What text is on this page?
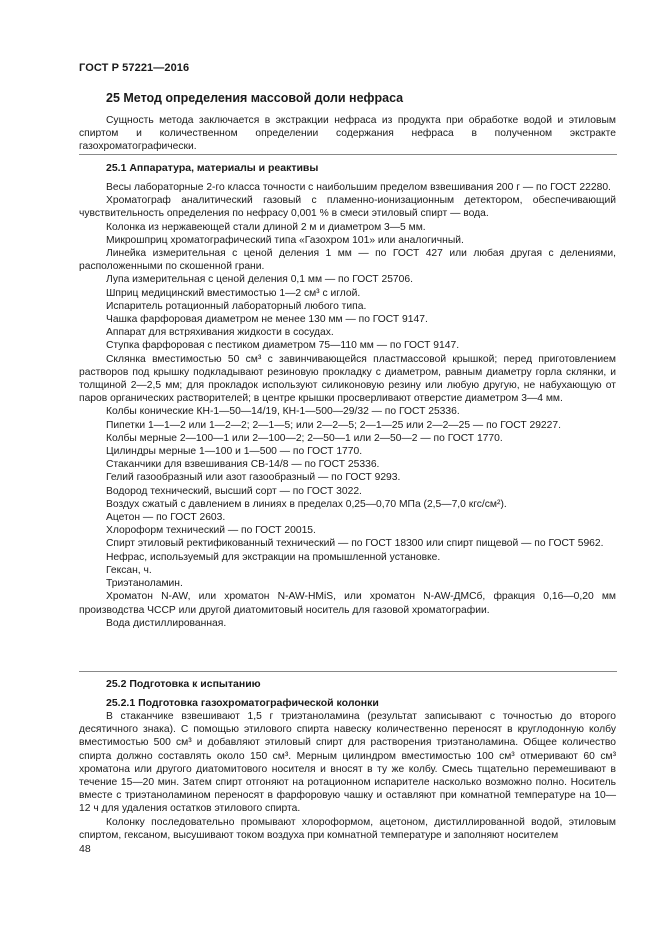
ГОСТ Р 57221—2016
25 Метод определения массовой доли нефраса

Сущность метода заключается в экстракции нефраса из продукта при обработке водой и этиловым спиртом и количественном определении содержания нефраса в полученном экстракте газохроматографически.

25.1 Аппаратура, материалы и реактивы

Весы лабораторные 2-го класса точности с наибольшим пределом взвешивания 200 г — по ГОСТ 22280.

Хроматограф аналитический газовый с пламенно-ионизационным детектором, обеспечивающий чувствительность определения по нефрасу 0,001 % в смеси этиловый спирт — вода.

Колонка из нержавеющей стали длиной 2 м и диаметром 3—5 мм.

Микрошприц хроматографический типа «Газохром 101» или аналогичный.

Линейка измерительная с ценой деления 1 мм — по ГОСТ 427 или любая другая с делениями, расположенными по скошенной грани.

Лупа измерительная с ценой деления 0,1 мм — по ГОСТ 25706.

Шприц медицинский вместимостью 1—2 см³ с иглой.

Испаритель ротационный лабораторный любого типа.

Чашка фарфоровая диаметром не менее 130 мм — по ГОСТ 9147.

Аппарат для встряхивания жидкости в сосудах.

Ступка фарфоровая с пестиком диаметром 75—110 мм — по ГОСТ 9147.

Склянка вместимостью 50 см³ с завинчивающейся пластмассовой крышкой; перед приготовлением растворов под крышку подкладывают резиновую прокладку с диаметром, равным диаметру горла склянки, и толщиной 2—2,5 мм; для прокладок используют силиконовую резину или любую другую, не набухающую от паров органических растворителей; в центре крышки просверливают отверстие диаметром 3—4 мм.

Колбы конические КН-1—50—14/19, КН-1—500—29/32 — по ГОСТ 25336.

Пипетки 1—1—2 или 1—2—2; 2—1—5; или 2—2—5; 2—1—25 или 2—2—25 — по ГОСТ 29227.

Колбы мерные 2—100—1 или 2—100—2; 2—50—1 или 2—50—2 — по ГОСТ 1770.

Цилиндры мерные 1—100 и 1—500 — по ГОСТ 1770.

Стаканчики для взвешивания СВ-14/8 — по ГОСТ 25336.

Гелий газообразный или азот газообразный — по ГОСТ 9293.

Водород технический, высший сорт — по ГОСТ 3022.

Воздух сжатый с давлением в линиях в пределах 0,25—0,70 МПа (2,5—7,0 кгс/см²).

Ацетон — по ГОСТ 2603.

Хлороформ технический — по ГОСТ 20015.

Спирт этиловый ректификованный технический — по ГОСТ 18300 или спирт пищевой — по ГОСТ 5962.

Нефрас, используемый для экстракции на промышленной установке.

Гексан, ч.

Триэтаноламин.

Хроматон N-AW, или хроматон N-AW-HMiS, или хроматон N-AW-ДМСб, фракция 0,16—0,20 мм производства ЧССР или другой диатомитовый носитель для газовой хроматографии.

Вода дистиллированная.

25.2 Подготовка к испытанию
25.2.1 Подготовка газохроматографической колонки

В стаканчике взвешивают 1,5 г триэтаноламина (результат записывают с точностью до второго десятичного знака). С помощью этилового спирта навеску количественно переносят в круглодонную колбу вместимостью 500 см³ и добавляют этиловый спирт для растворения триэтаноламина. Общее количество спирта должно составлять около 150 см³. Мерным цилиндром вместимостью 100 см³ отмеривают 60 см³ хроматона или другого диатомитового носителя и вносят в ту же колбу. Смесь тщательно перемешивают в течение 15—20 мин. Затем спирт отгоняют на ротационном испарителе насколько возможно полно. Носитель вместе с триэтаноламином переносят в фарфоровую чашку и оставляют при комнатной температуре на 10—12 ч для удаления остатков этилового спирта.

Колонку последовательно промывают хлороформом, ацетоном, дистиллированной водой, этиловым спиртом, гексаном, высушивают током воздуха при комнатной температуре и заполняют носителем

48
